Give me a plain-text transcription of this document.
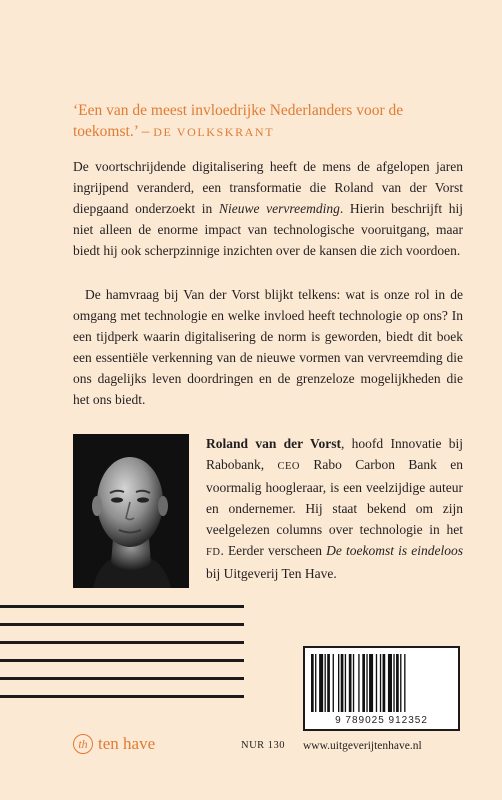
‘Een van de meest invloedrijke Nederlanders voor de toekomst.’ – DE VOLKSKRANT
De voortschrijdende digitalisering heeft de mens de afgelopen jaren ingrijpend veranderd, een transformatie die Roland van der Vorst diepgaand onderzoekt in Nieuwe vervreemding. Hierin beschrijft hij niet alleen de enorme impact van technologische vooruitgang, maar biedt hij ook scherpzinnige inzichten over de kansen die zich voordoen.
De hamvraag bij Van der Vorst blijkt telkens: wat is onze rol in de omgang met technologie en welke invloed heeft technologie op ons? In een tijdperk waarin digitalisering de norm is geworden, biedt dit boek een essentiële verkenning van de nieuwe vormen van vervreemding die ons dagelijks leven doordringen en de grenzeloze mogelijkheden die het ons biedt.
Roland van der Vorst, hoofd Innovatie bij Rabobank, CEO Rabo Carbon Bank en voormalig hoogleraar, is een veelzijdige auteur en ondernemer. Hij staat bekend om zijn veelgelezen columns over technologie in het FD. Eerder verscheen De toekomst is eindeloos bij Uitgeverij Ten Have.
9 789025 912352
th ten have	NUR 130 www.uitgeverijtenhave.nl
